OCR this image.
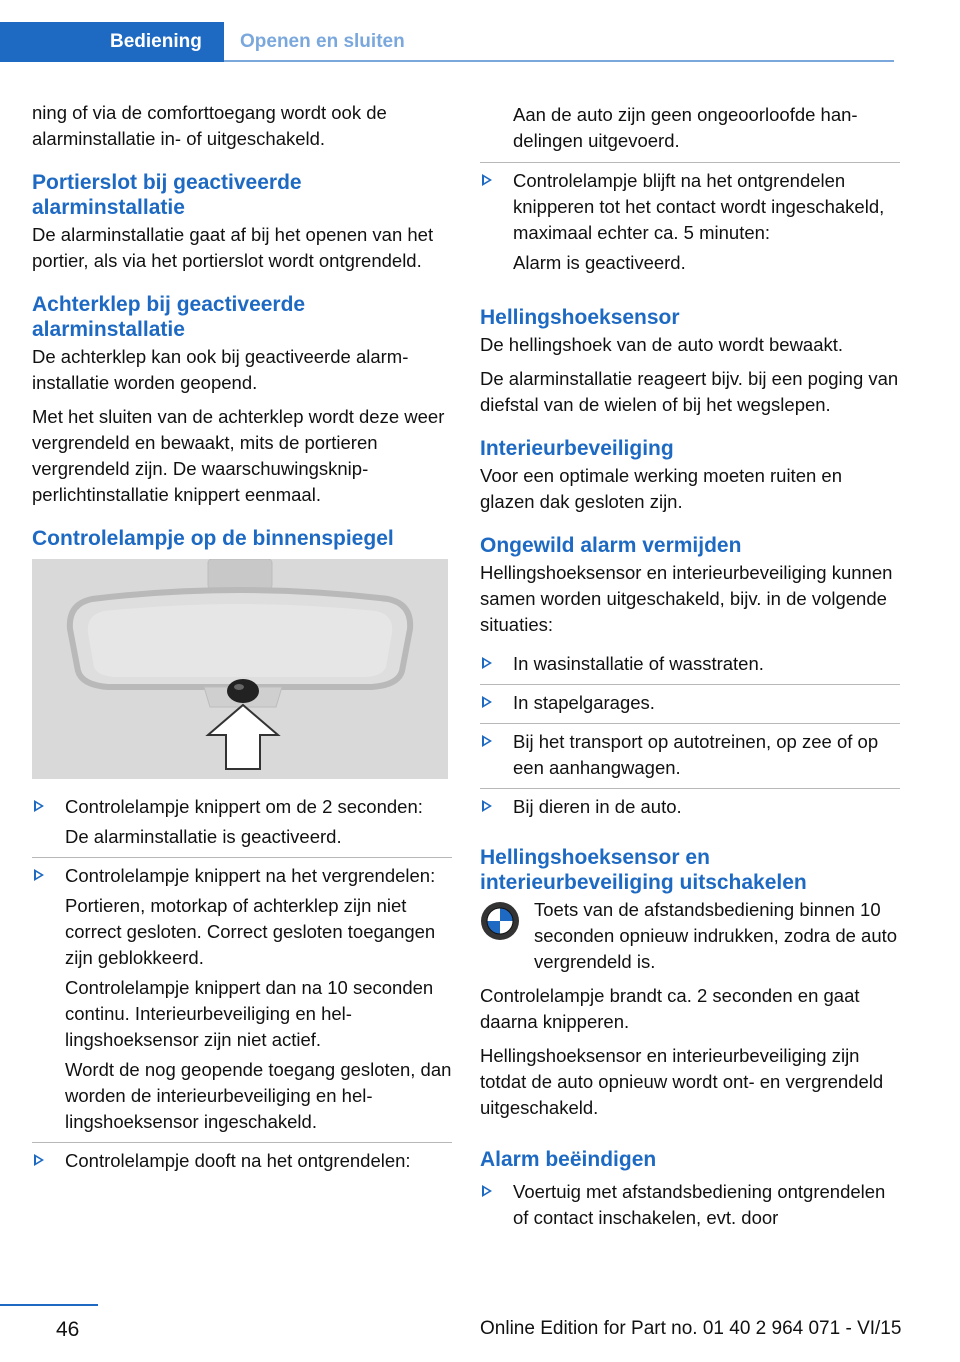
Bediening	Openen en sluiten

ning of via de comforttoegang wordt ook de alarminstallatie in- of uitgeschakeld.

Portierslot bij geactiveerde alarminstallatie

De alarminstallatie gaat af bij het openen van het portier, als via het portierslot wordt ontgrendeld.

Achterklep bij geactiveerde alarminstallatie

De achterklep kan ook bij geactiveerde alarminstallatie worden geopend.

Met het sluiten van de achterklep wordt deze weer vergrendeld en bewaakt, mits de portieren vergrendeld zijn. De waarschuwingsknipperlichtinstallatie knippert eenmaal.

Controlelampje op de binnenspiegel

Controlelampje knippert om de 2 seconden:

De alarminstallatie is geactiveerd.

Controlelampje knippert na het vergrendelen:

Portieren, motorkap of achterklep zijn niet correct gesloten. Correct gesloten toegangen zijn geblokkeerd.

Controlelampje knippert dan na 10 seconden continu. Interieurbeveiliging en hellingshoeksensor zijn niet actief.

Wordt de nog geopende toegang gesloten, dan worden de interieurbeveiliging en hellingshoeksensor ingeschakeld.

Controlelampje dooft na het ontgrendelen:

Aan de auto zijn geen ongeoorloofde handelingen uitgevoerd.

Controlelampje blijft na het ontgrendelen knipperen tot het contact wordt ingeschakeld, maximaal echter ca. 5 minuten:

Alarm is geactiveerd.

Hellingshoeksensor

De hellingshoek van de auto wordt bewaakt.

De alarminstallatie reageert bijv. bij een poging van diefstal van de wielen of bij het wegslepen.

Interieurbeveiliging

Voor een optimale werking moeten ruiten en glazen dak gesloten zijn.

Ongewild alarm vermijden

Hellingshoeksensor en interieurbeveiliging kunnen samen worden uitgeschakeld, bijv. in de volgende situaties:

In wasinstallatie of wasstraten.

In stapelgarages.

Bij het transport op autotreinen, op zee of op een aanhangwagen.

Bij dieren in de auto.

Hellingshoeksensor en interieurbeveiliging uitschakelen

Toets van de afstandsbediening binnen 10 seconden opnieuw indrukken, zodra de auto vergrendeld is.

Controlelampje brandt ca. 2 seconden en gaat daarna knipperen.

Hellingshoeksensor en interieurbeveiliging zijn totdat de auto opnieuw wordt ont- en vergrendeld uitgeschakeld.

Alarm beëindigen

Voertuig met afstandsbediening ontgrendelen of contact inschakelen, evt. door

46	Online Edition for Part no. 01 40 2 964 071 - VI/15
